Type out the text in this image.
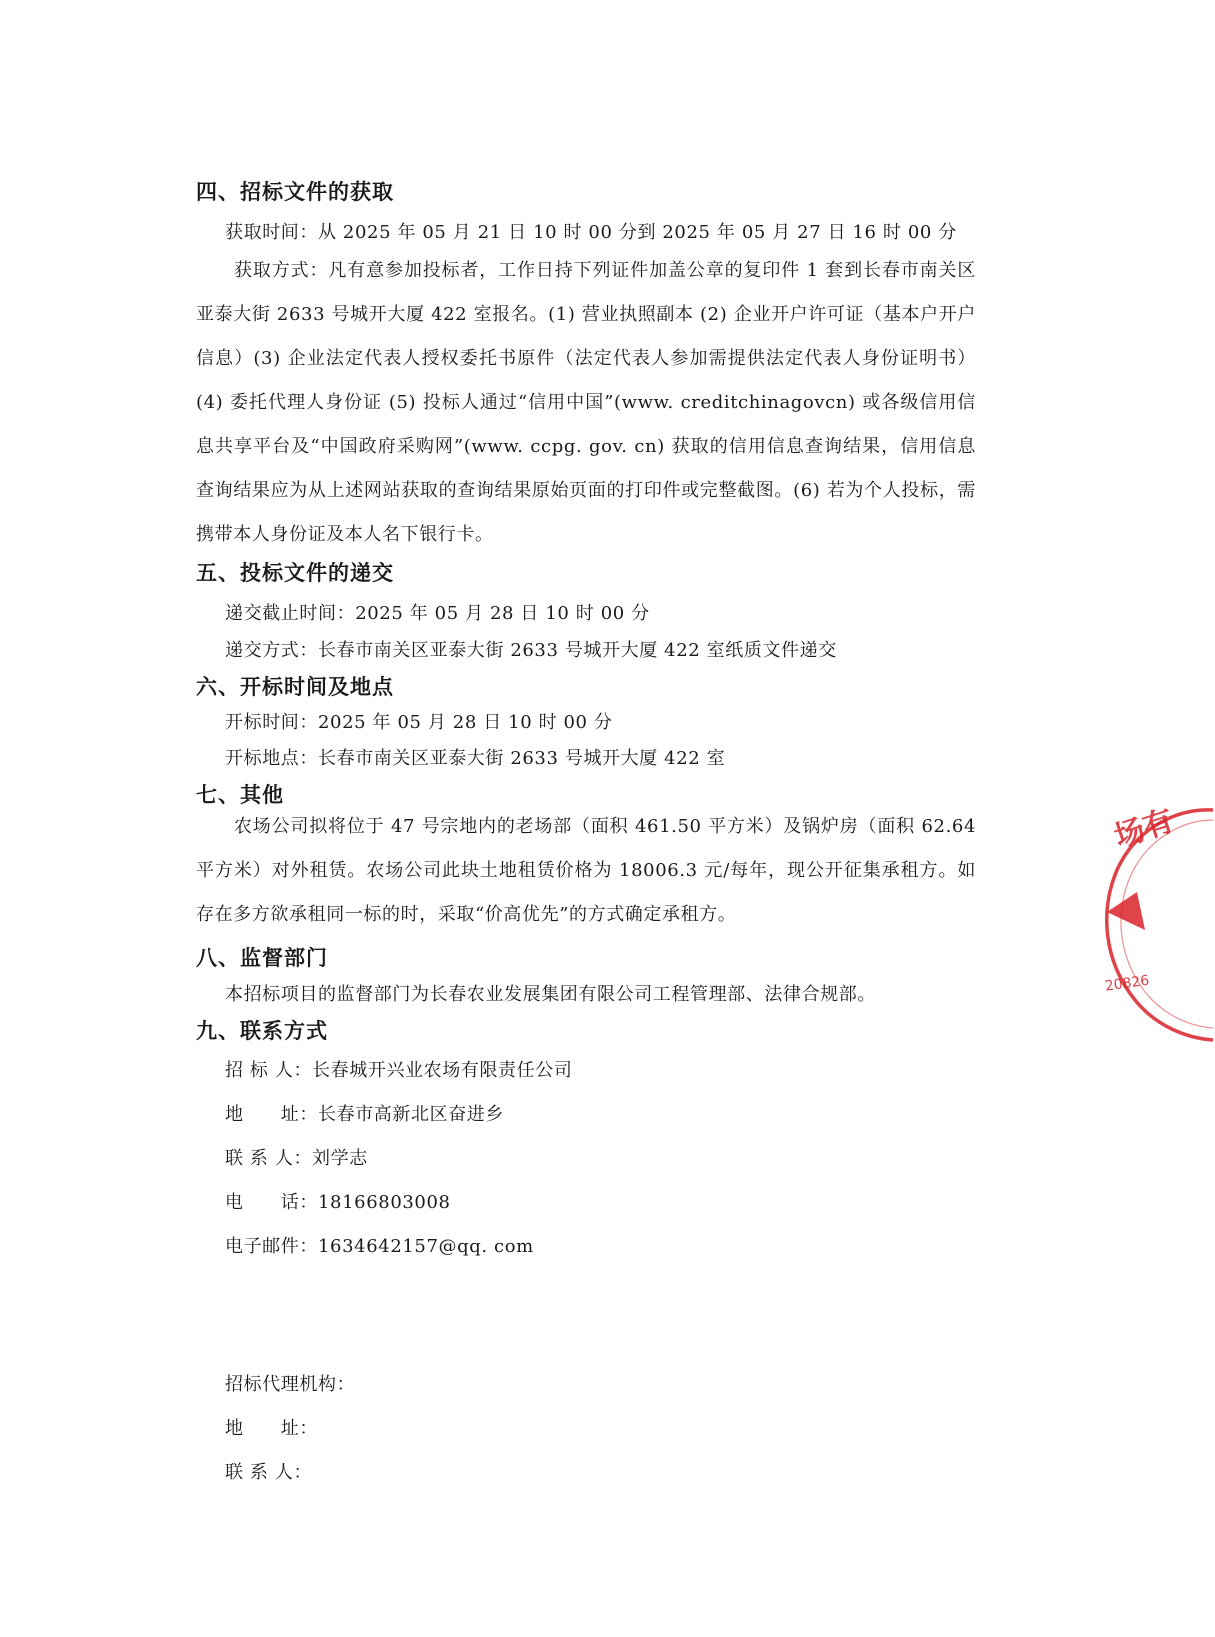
四、招标文件的获取
获取时间：从 2025 年 05 月 21 日 10 时 00 分到 2025 年 05 月 27 日 16 时 00 分
获取方式：凡有意参加投标者，工作日持下列证件加盖公章的复印件 1 套到长春市南关区亚泰大街 2633 号城开大厦 422 室报名。(1) 营业执照副本 (2) 企业开户许可证（基本户开户信息）(3) 企业法定代表人授权委托书原件（法定代表人参加需提供法定代表人身份证明书）(4) 委托代理人身份证 (5) 投标人通过“信用中国”(www. creditchinagovcn) 或各级信用信息共享平台及“中国政府采购网”(www. ccpg. gov. cn) 获取的信用信息查询结果，信用信息查询结果应为从上述网站获取的查询结果原始页面的打印件或完整截图。(6) 若为个人投标，需携带本人身份证及本人名下银行卡。
五、投标文件的递交
递交截止时间：2025 年 05 月 28 日 10 时 00 分
递交方式：长春市南关区亚泰大街 2633 号城开大厦 422 室纸质文件递交
六、开标时间及地点
开标时间：2025 年 05 月 28 日 10 时 00 分
开标地点：长春市南关区亚泰大街 2633 号城开大厦 422 室
七、其他
农场公司拟将位于 47 号宗地内的老场部（面积 461.50 平方米）及锅炉房（面积 62.64 平方米）对外租赁。农场公司此块土地租赁价格为 18006.3 元/每年，现公开征集承租方。如存在多方欲承租同一标的时，采取“价高优先”的方式确定承租方。
八、监督部门
本招标项目的监督部门为长春农业发展集团有限公司工程管理部、法律合规部。
九、联系方式
招 标 人：长春城开兴业农场有限责任公司
地　　址：长春市高新北区奋进乡
联 系 人：刘学志
电　　话：18166803008
电子邮件：1634642157@qq. com
招标代理机构：
地　　址：
联 系 人：
场有
20826
